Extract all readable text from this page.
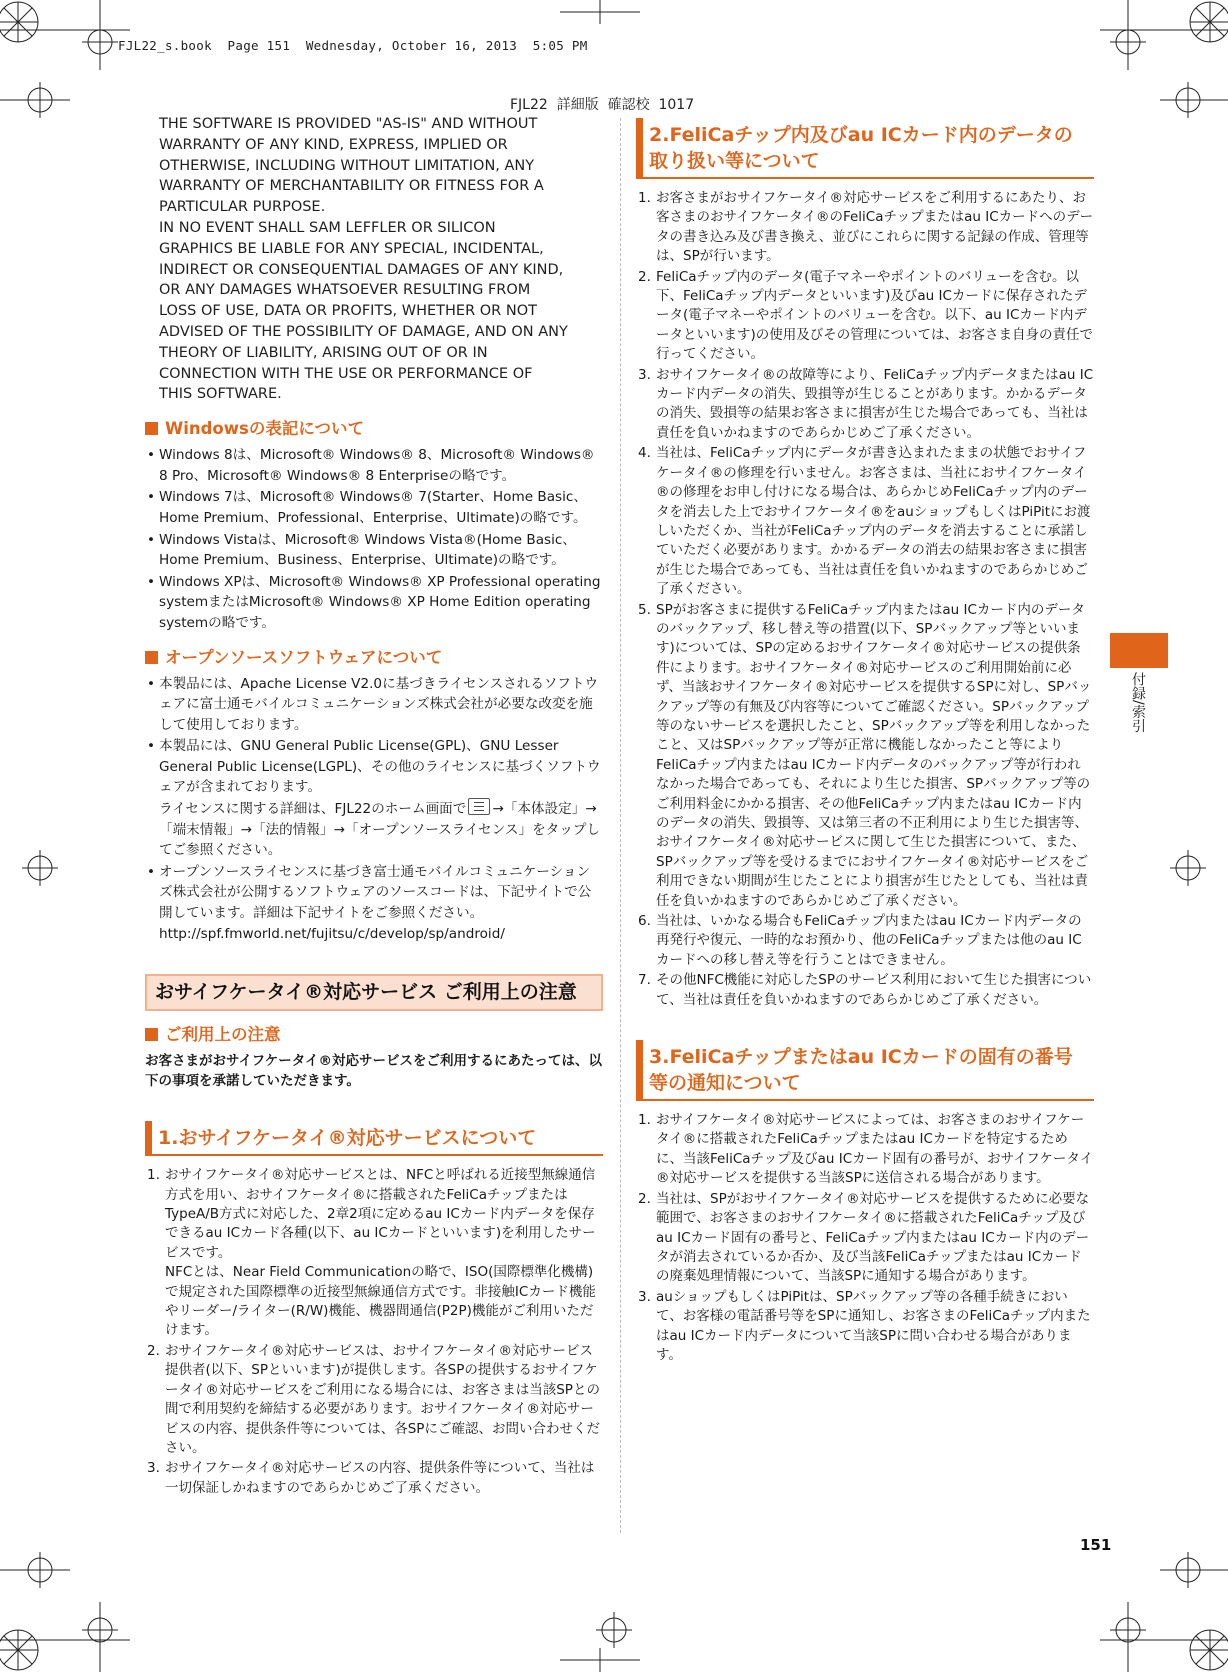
FJL22_s.book  Page 151  Wednesday, October 16, 2013  5:05 PM
FJL22  詳細版  確認校  1017

THE SOFTWARE IS PROVIDED "AS-IS" AND WITHOUT

WARRANTY OF ANY KIND, EXPRESS, IMPLIED OR

OTHERWISE, INCLUDING WITHOUT LIMITATION, ANY

WARRANTY OF MERCHANTABILITY OR FITNESS FOR A

PARTICULAR PURPOSE.

IN NO EVENT SHALL SAM LEFFLER OR SILICON

GRAPHICS BE LIABLE FOR ANY SPECIAL, INCIDENTAL,

INDIRECT OR CONSEQUENTIAL DAMAGES OF ANY KIND,

OR ANY DAMAGES WHATSOEVER RESULTING FROM

LOSS OF USE, DATA OR PROFITS, WHETHER OR NOT

ADVISED OF THE POSSIBILITY OF DAMAGE, AND ON ANY

THEORY OF LIABILITY, ARISING OUT OF OR IN

CONNECTION WITH THE USE OR PERFORMANCE OF

THIS SOFTWARE.

Windowsの表記について
• Windows 8は、Microsoft® Windows® 8、Microsoft® Windows® 8 Pro、Microsoft® Windows® 8 Enterpriseの略です。
• Windows 7は、Microsoft® Windows® 7(Starter、Home Basic、Home Premium、Professional、Enterprise、Ultimate)の略です。
• Windows Vistaは、Microsoft® Windows Vista®(Home Basic、Home Premium、Business、Enterprise、Ultimate)の略です。
• Windows XPは、Microsoft® Windows® XP Professional operating systemまたはMicrosoft® Windows® XP Home Edition operating systemの略です。
オープンソースソフトウェアについて
• 本製品には、Apache License V2.0に基づきライセンスされるソフトウェアに富士通モバイルコミュニケーションズ株式会社が必要な改変を施して使用しております。
• 本製品には、GNU General Public License(GPL)、GNU Lesser General Public License(LGPL)、その他のライセンスに基づくソフトウェアが含まれております。
ライセンスに関する詳細は、FJL22のホーム画面で →「本体設定」→「端末情報」→「法的情報」→「オープンソースライセンス」をタップしてご参照ください。
• オープンソースライセンスに基づき富士通モバイルコミュニケーションズ株式会社が公開するソフトウェアのソースコードは、下記サイトで公開しています。詳細は下記サイトをご参照ください。
http://spf.fmworld.net/fujitsu/c/develop/sp/android/
おサイフケータイ®対応サービス ご利用上の注意
ご利用上の注意

お客さまがおサイフケータイ®対応サービスをご利用するにあたっては、以下の事項を承諾していただきます。

1.おサイフケータイ®対応サービスについて
1. おサイフケータイ®対応サービスとは、NFCと呼ばれる近接型無線通信方式を用い、おサイフケータイ®に搭載されたFeliCaチップまたはTypeA/B方式に対応した、2章2項に定めるau ICカード内データを保存できるau ICカード各種(以下、au ICカードといいます)を利用したサービスです。
NFCとは、Near Field Communicationの略で、ISO(国際標準化機構)で規定された国際標準の近接型無線通信方式です。非接触ICカード機能やリーダー/ライター(R/W)機能、機器間通信(P2P)機能がご利用いただけます。
2. おサイフケータイ®対応サービスは、おサイフケータイ®対応サービス提供者(以下、SPといいます)が提供します。各SPの提供するおサイフケータイ®対応サービスをご利用になる場合には、お客さまは当該SPとの間で利用契約を締結する必要があります。おサイフケータイ®対応サービスの内容、提供条件等については、各SPにご確認、お問い合わせください。
3. おサイフケータイ®対応サービスの内容、提供条件等について、当社は一切保証しかねますのであらかじめご了承ください。
2.FeliCaチップ内及びau ICカード内のデータの取り扱い等について
1. お客さまがおサイフケータイ®対応サービスをご利用するにあたり、お客さまのおサイフケータイ®のFeliCaチップまたはau ICカードへのデータの書き込み及び書き換え、並びにこれらに関する記録の作成、管理等は、SPが行います。
2. FeliCaチップ内のデータ(電子マネーやポイントのバリューを含む。以下、FeliCaチップ内データといいます)及びau ICカードに保存されたデータ(電子マネーやポイントのバリューを含む。以下、au ICカード内データといいます)の使用及びその管理については、お客さま自身の責任で行ってください。
3. おサイフケータイ®の故障等により、FeliCaチップ内データまたはau ICカード内データの消失、毀損等が生じることがあります。かかるデータの消失、毀損等の結果お客さまに損害が生じた場合であっても、当社は責任を負いかねますのであらかじめご了承ください。
4. 当社は、FeliCaチップ内にデータが書き込まれたままの状態でおサイフケータイ®の修理を行いません。お客さまは、当社におサイフケータイ®の修理をお申し付けになる場合は、あらかじめFeliCaチップ内のデータを消去した上でおサイフケータイ®をauショップもしくはPiPitにお渡しいただくか、当社がFeliCaチップ内のデータを消去することに承諾していただく必要があります。かかるデータの消去の結果お客さまに損害が生じた場合であっても、当社は責任を負いかねますのであらかじめご了承ください。
5. SPがお客さまに提供するFeliCaチップ内またはau ICカード内のデータのバックアップ、移し替え等の措置(以下、SPバックアップ等といいます)については、SPの定めるおサイフケータイ®対応サービスの提供条件によります。おサイフケータイ®対応サービスのご利用開始前に必ず、当該おサイフケータイ®対応サービスを提供するSPに対し、SPバックアップ等の有無及び内容等についてご確認ください。SPバックアップ等のないサービスを選択したこと、SPバックアップ等を利用しなかったこと、又はSPバックアップ等が正常に機能しなかったこと等によりFeliCaチップ内またはau ICカード内データのバックアップ等が行われなかった場合であっても、それにより生じた損害、SPバックアップ等のご利用料金にかかる損害、その他FeliCaチップ内またはau ICカード内のデータの消失、毀損等、又は第三者の不正利用により生じた損害等、おサイフケータイ®対応サービスに関して生じた損害について、また、SPバックアップ等を受けるまでにおサイフケータイ®対応サービスをご利用できない期間が生じたことにより損害が生じたとしても、当社は責任を負いかねますのであらかじめご了承ください。
6. 当社は、いかなる場合もFeliCaチップ内またはau ICカード内データの再発行や復元、一時的なお預かり、他のFeliCaチップまたは他のau ICカードへの移し替え等を行うことはできません。
7. その他NFC機能に対応したSPのサービス利用において生じた損害について、当社は責任を負いかねますのであらかじめご了承ください。
3.FeliCaチップまたはau ICカードの固有の番号等の通知について
1. おサイフケータイ®対応サービスによっては、お客さまのおサイフケータイ®に搭載されたFeliCaチップまたはau ICカードを特定するために、当該FeliCaチップ及びau ICカード固有の番号が、おサイフケータイ®対応サービスを提供する当該SPに送信される場合があります。
2. 当社は、SPがおサイフケータイ®対応サービスを提供するために必要な範囲で、お客さまのおサイフケータイ®に搭載されたFeliCaチップ及びau ICカード固有の番号と、FeliCaチップ内またはau ICカード内のデータが消去されているか否か、及び当該FeliCaチップまたはau ICカードの廃棄処理情報について、当該SPに通知する場合があります。
3. auショップもしくはPiPitは、SPバックアップ等の各種手続きにおいて、お客様の電話番号等をSPに通知し、お客さまのFeliCaチップ内またはau ICカード内データについて当該SPに問い合わせる場合があります。
付録/索引
151
